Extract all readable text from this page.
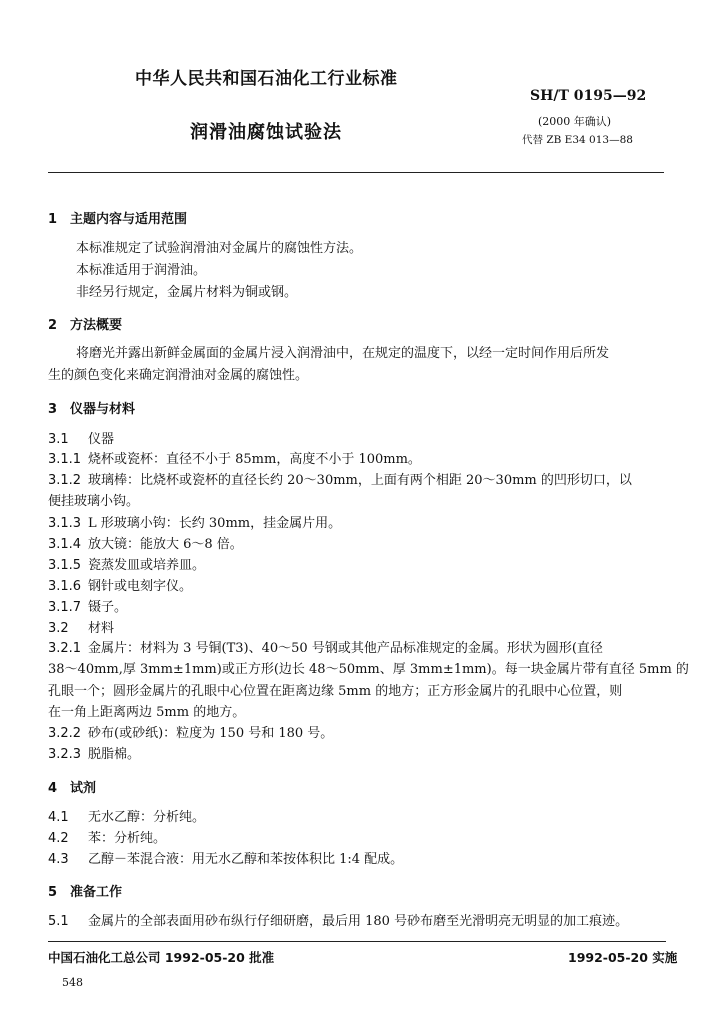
中华人民共和国石油化工行业标准
SH/T 0195—92
(2000 年确认)
润滑油腐蚀试验法	代替 ZB E34 013—88
1　主题内容与适用范围
本标准规定了试验润滑油对金属片的腐蚀性方法。
本标准适用于润滑油。
非经另行规定，金属片材料为铜或钢。
2　方法概要
将磨光并露出新鲜金属面的金属片浸入润滑油中，在规定的温度下，以经一定时间作用后所发
生的颜色变化来确定润滑油对金属的腐蚀性。
3　仪器与材料
3.1 仪器
3.1.1 烧杯或瓷杯：直径不小于 85mm，高度不小于 100mm。
3.1.2 玻璃棒：比烧杯或瓷杯的直径长约 20～30mm，上面有两个相距 20～30mm 的凹形切口，以
便挂玻璃小钩。
3.1.3 L 形玻璃小钩：长约 30mm，挂金属片用。
3.1.4 放大镜：能放大 6～8 倍。
3.1.5 瓷蒸发皿或培养皿。
3.1.6 钢针或电刻字仪。
3.1.7 镊子。
3.2 材料
3.2.1 金属片：材料为 3 号铜(T3)、40～50 号钢或其他产品标准规定的金属。形状为圆形(直径
38～40mm,厚 3mm±1mm)或正方形(边长 48～50mm、厚 3mm±1mm)。每一块金属片带有直径 5mm 的
孔眼一个；圆形金属片的孔眼中心位置在距离边缘 5mm 的地方；正方形金属片的孔眼中心位置，则
在一角上距离两边 5mm 的地方。
3.2.2 砂布(或砂纸)：粒度为 150 号和 180 号。
3.2.3 脱脂棉。
4　试剂
4.1 无水乙醇：分析纯。
4.2 苯：分析纯。
4.3 乙醇－苯混合液：用无水乙醇和苯按体积比 1:4 配成。
5　准备工作
5.1 金属片的全部表面用砂布纵行仔细研磨，最后用 180 号砂布磨至光滑明亮无明显的加工痕迹。
中国石油化工总公司 1992-05-20 批准	1992-05-20 实施
548
